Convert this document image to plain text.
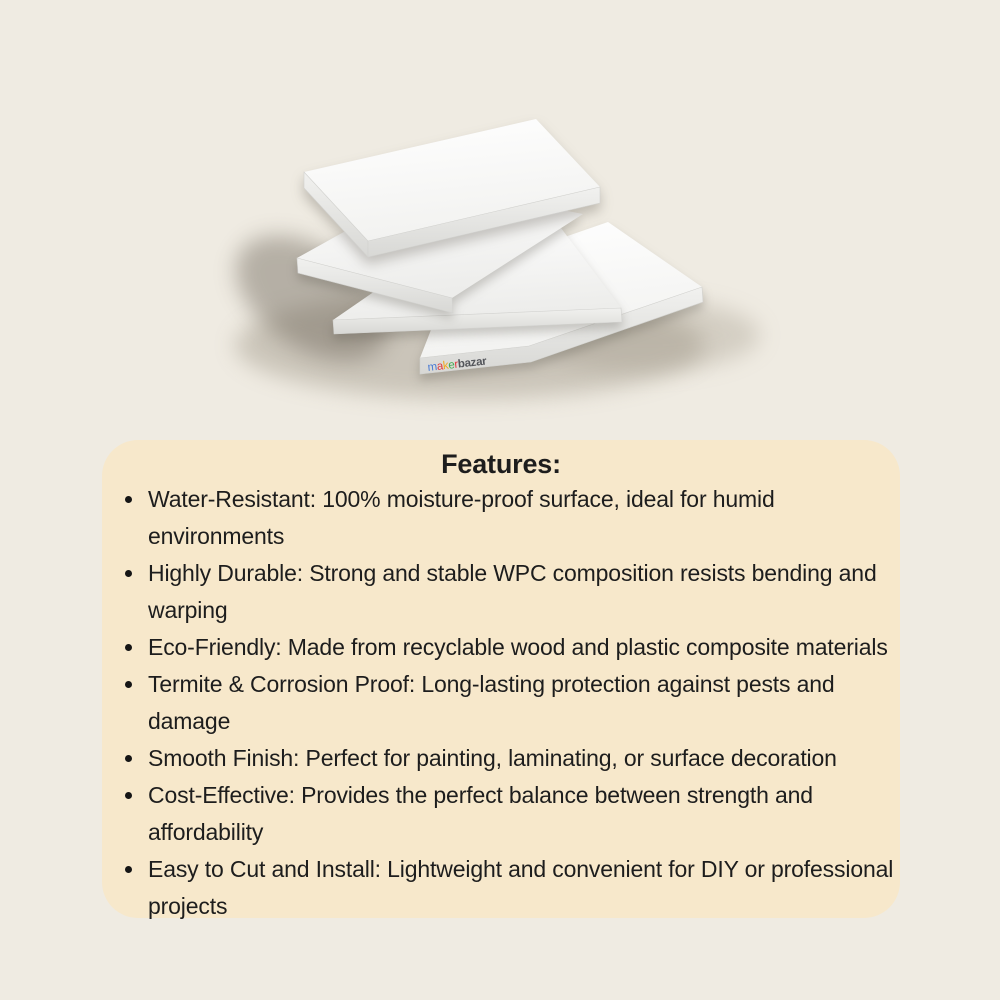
makerbazar
Features:
Water-Resistant: 100% moisture-proof surface, ideal for humid environments
Highly Durable: Strong and stable WPC composition resists bending and warping
Eco-Friendly: Made from recyclable wood and plastic composite materials
Termite & Corrosion Proof: Long-lasting protection against pests and damage
Smooth Finish: Perfect for painting, laminating, or surface decoration
Cost-Effective: Provides the perfect balance between strength and affordability
Easy to Cut and Install: Lightweight and convenient for DIY or professional projects
